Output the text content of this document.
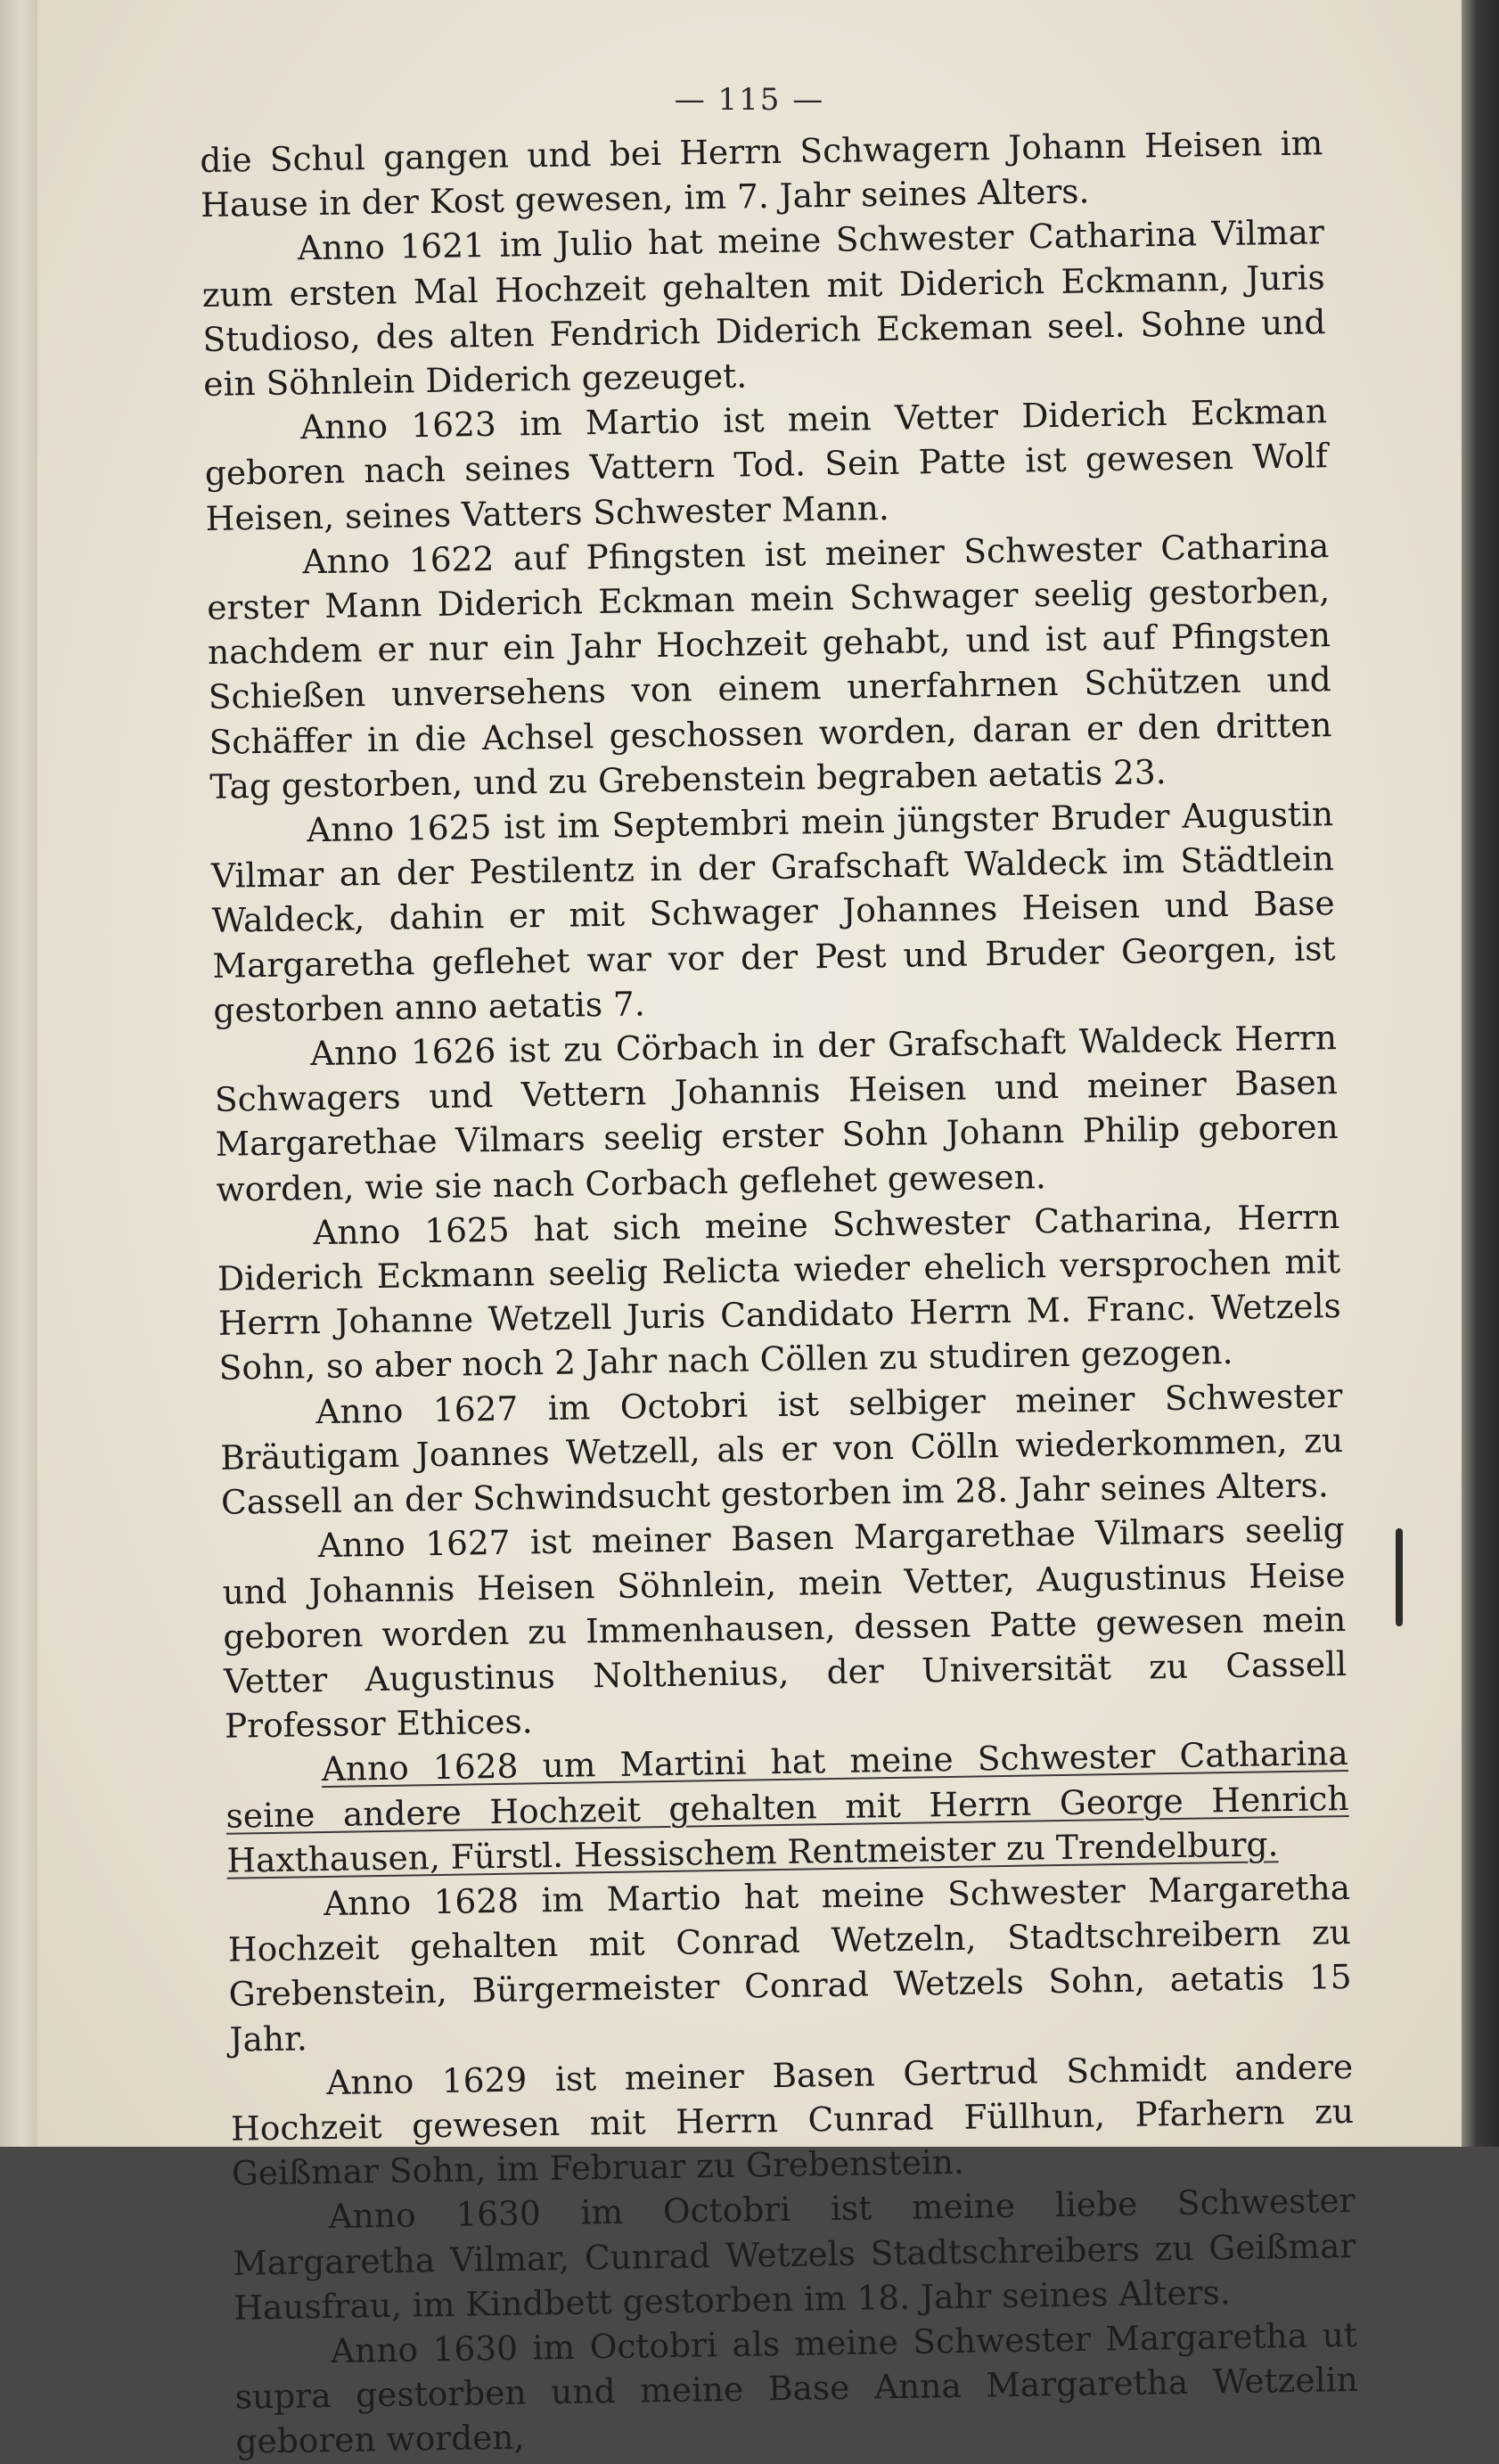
— 115 —

die Schul gangen und bei Herrn Schwagern Johann Heisen im Hause in der Kost gewesen, im 7. Jahr seines Alters.

Anno 1621 im Julio hat meine Schwester Catharina Vilmar zum ersten Mal Hochzeit gehalten mit Diderich Eckmann, Juris Studioso, des alten Fendrich Diderich Eckeman seel. Sohne und ein Söhnlein Diderich gezeuget.

Anno 1623 im Martio ist mein Vetter Diderich Eckman geboren nach seines Vattern Tod. Sein Patte ist gewesen Wolf Heisen, seines Vatters Schwester Mann.

Anno 1622 auf Pfingsten ist meiner Schwester Catharina erster Mann Diderich Eckman mein Schwager seelig gestorben, nachdem er nur ein Jahr Hochzeit gehabt, und ist auf Pfingsten Schießen unversehens von einem unerfahrnen Schützen und Schäffer in die Achsel geschossen worden, daran er den dritten Tag gestorben, und zu Grebenstein begraben aetatis 23.

Anno 1625 ist im Septembri mein jüngster Bruder Augustin Vilmar an der Pestilentz in der Grafschaft Waldeck im Städtlein Waldeck, dahin er mit Schwager Johannes Heisen und Base Margaretha geflehet war vor der Pest und Bruder Georgen, ist gestorben anno aetatis 7.

Anno 1626 ist zu Cörbach in der Grafschaft Waldeck Herrn Schwagers und Vettern Johannis Heisen und meiner Basen Margarethae Vilmars seelig erster Sohn Johann Philip geboren worden, wie sie nach Corbach geflehet gewesen.

Anno 1625 hat sich meine Schwester Catharina, Herrn Diderich Eckmann seelig Relicta wieder ehelich versprochen mit Herrn Johanne Wetzell Juris Candidato Herrn M. Franc. Wetzels Sohn, so aber noch 2 Jahr nach Cöllen zu studiren gezogen.

Anno 1627 im Octobri ist selbiger meiner Schwester Bräutigam Joannes Wetzell, als er von Cölln wiederkommen, zu Cassell an der Schwindsucht gestorben im 28. Jahr seines Alters.

Anno 1627 ist meiner Basen Margarethae Vilmars seelig und Johannis Heisen Söhnlein, mein Vetter, Augustinus Heise geboren worden zu Immenhausen, dessen Patte gewesen mein Vetter Augustinus Nolthenius, der Universität zu Cassell Professor Ethices.

Anno 1628 um Martini hat meine Schwester Catharina seine andere Hochzeit gehalten mit Herrn George Henrich Haxthausen, Fürstl. Hessischem Rentmeister zu Trendelburg.

Anno 1628 im Martio hat meine Schwester Margaretha Hochzeit gehalten mit Conrad Wetzeln, Stadtschreibern zu Grebenstein, Bürgermeister Conrad Wetzels Sohn, aetatis 15 Jahr.

Anno 1629 ist meiner Basen Gertrud Schmidt andere Hochzeit gewesen mit Herrn Cunrad Füllhun, Pfarhern zu Geißmar Sohn, im Februar zu Grebenstein.

Anno 1630 im Octobri ist meine liebe Schwester Margaretha Vilmar, Cunrad Wetzels Stadtschreibers zu Geißmar Hausfrau, im Kindbett gestorben im 18. Jahr seines Alters.

Anno 1630 im Octobri als meine Schwester Margaretha ut supra gestorben und meine Base Anna Margaretha Wetzelin geboren worden,
